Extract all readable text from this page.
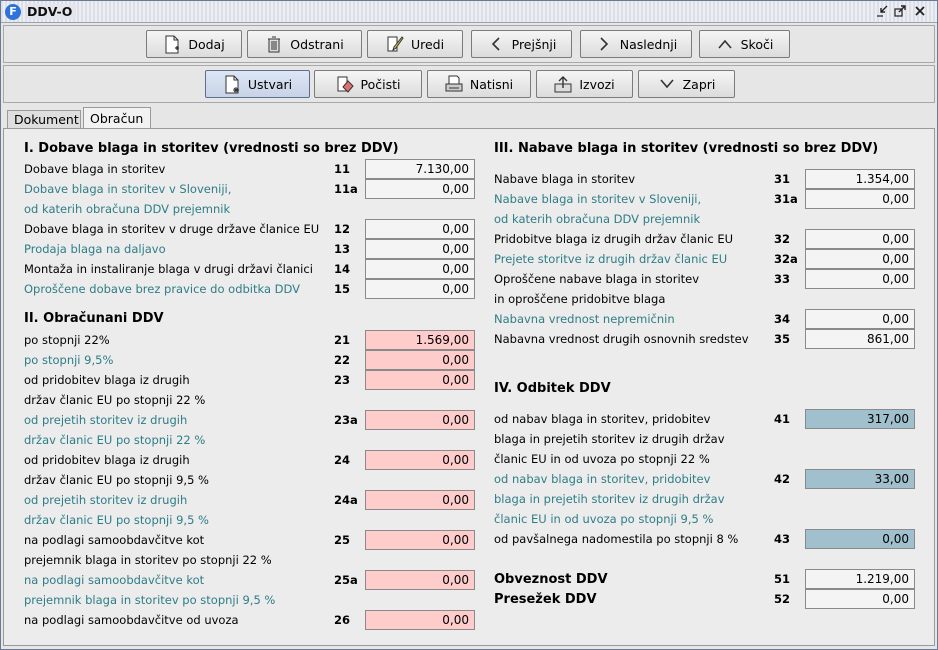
F DDV-O
Dodaj	Odstrani	Uredi	Prejšnji	Naslednji	Skoči
Ustvari	Počisti	Natisni	Izvozi	Zapri
Dokument Obračun
I. Dobave blaga in storitev (vrednosti so brez DDV)
Dobave blaga in storitev	11	7.130,00
Dobave blaga in storitev v Sloveniji,	11a	0,00
od katerih obračuna DDV prejemnik
Dobave blaga in storitev v druge države članice EU 12	0,00
Prodaja blaga na daljavo	13	0,00
Montaža in instaliranje blaga v drugi državi članici 14	0,00
Oproščene dobave brez pravice do odbitka DDV	15	0,00
II. Obračunani DDV
po stopnji 22%	21	1.569,00
po stopnji 9,5%	22	0,00
od pridobitev blaga iz drugih	23	0,00
držav članic EU po stopnji 22 %
od prejetih storitev iz drugih	23a	0,00
držav članic EU po stopnji 22 %
od pridobitev blaga iz drugih	24	0,00
držav članic EU po stopnji 9,5 %
od prejetih storitev iz drugih	24a	0,00
držav članic EU po stopnji 9,5 %
na podlagi samoobdavčitve kot	25	0,00
prejemnik blaga in storitev po stopnji 22 %
na podlagi samoobdavčitve kot	25a	0,00
prejemnik blaga in storitev po stopnji 9,5 %
na podlagi samoobdavčitve od uvoza	26	0,00
III. Nabave blaga in storitev (vrednosti so brez DDV)
Nabave blaga in storitev	31	1.354,00
Nabave blaga in storitev v Sloveniji,	31a	0,00
od katerih obračuna DDV prejemnik
Pridobitve blaga iz drugih držav članic EU	32	0,00
Prejete storitve iz drugih držav članic EU	32a	0,00
Oproščene nabave blaga in storitev	33	0,00
in oproščene pridobitve blaga
Nabavna vrednost nepremičnin	34	0,00
Nabavna vrednost drugih osnovnih sredstev 35	861,00
IV. Odbitek DDV
od nabav blaga in storitev, pridobitev	41	317,00
blaga in prejetih storitev iz drugih držav
članic EU in od uvoza po stopnji 22 %
od nabav blaga in storitev, pridobitev	42	33,00
blaga in prejetih storitev iz drugih držav
članic EU in od uvoza po stopnji 9,5 %
od pavšalnega nadomestila po stopnji 8 %	43	0,00
Obveznost DDV	51	1.219,00
Presežek DDV	52	0,00
